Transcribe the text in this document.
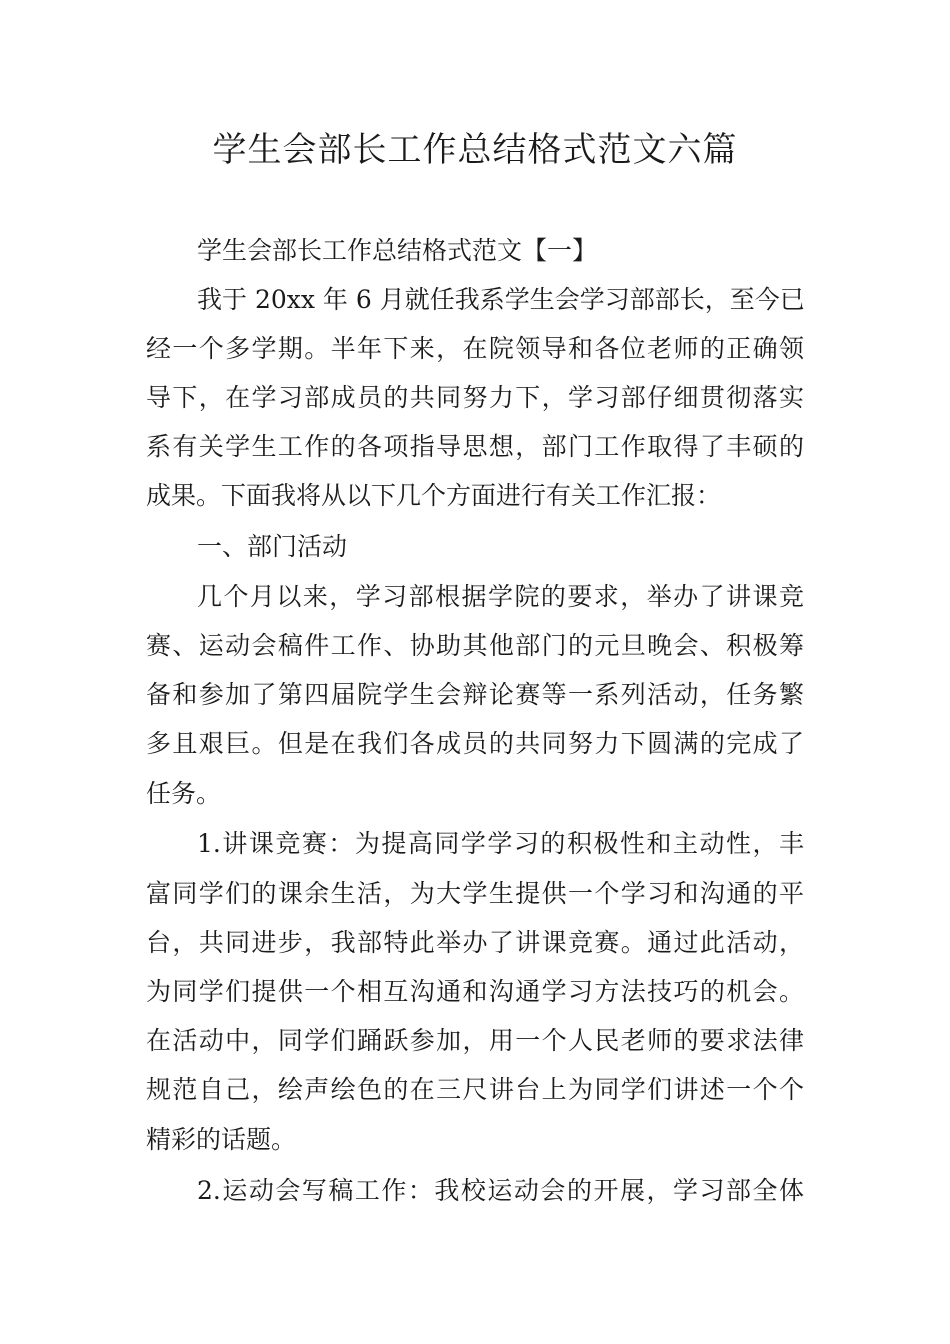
学生会部长工作总结格式范文六篇
学生会部长工作总结格式范文【一】
我于 20xx 年 6 月就任我系学生会学习部部长，至今已
经一个多学期。半年下来，在院领导和各位老师的正确领
导下，在学习部成员的共同努力下，学习部仔细贯彻落实
系有关学生工作的各项指导思想，部门工作取得了丰硕的
成果。下面我将从以下几个方面进行有关工作汇报：
一、部门活动
几个月以来，学习部根据学院的要求，举办了讲课竞
赛、运动会稿件工作、协助其他部门的元旦晚会、积极筹
备和参加了第四届院学生会辩论赛等一系列活动，任务繁
多且艰巨。但是在我们各成员的共同努力下圆满的完成了
任务。
1.讲课竞赛：为提高同学学习的积极性和主动性，丰
富同学们的课余生活，为大学生提供一个学习和沟通的平
台，共同进步，我部特此举办了讲课竞赛。通过此活动，
为同学们提供一个相互沟通和沟通学习方法技巧的机会。
在活动中，同学们踊跃参加，用一个人民老师的要求法律
规范自己，绘声绘色的在三尺讲台上为同学们讲述一个个
精彩的话题。
2.运动会写稿工作：我校运动会的开展，学习部全体
